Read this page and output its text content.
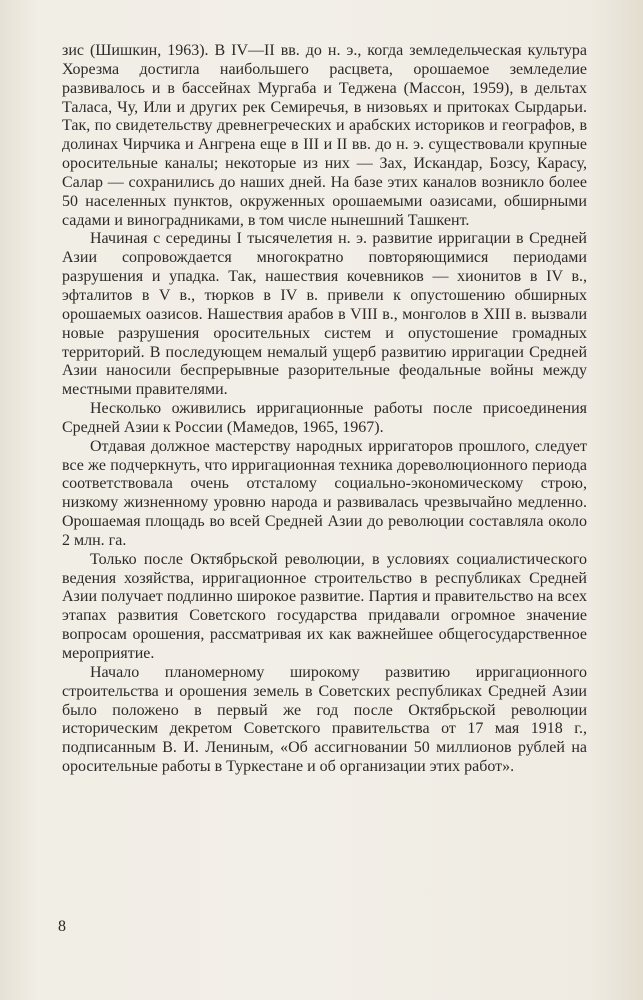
зис (Шишкин, 1963). В IV—II вв. до н. э., когда земледельческая культура Хорезма достигла наибольшего расцвета, орошаемое земледелие развивалось и в бассейнах Мургаба и Теджена (Массон, 1959), в дельтах Таласа, Чу, Или и других рек Семиречья, в низовьях и притоках Сырдарьи. Так, по свидетельству древнегреческих и арабских историков и географов, в долинах Чирчика и Ангрена еще в III и II вв. до н. э. существовали крупные оросительные каналы; некоторые из них — Зах, Искандар, Бозсу, Карасу, Салар — сохранились до наших дней. На базе этих каналов возникло более 50 населенных пунктов, окруженных орошаемыми оазисами, обширными садами и виноградниками, в том числе нынешний Ташкент.

Начиная с середины I тысячелетия н. э. развитие ирригации в Средней Азии сопровождается многократно повторяющимися периодами разрушения и упадка. Так, нашествия кочевников — хионитов в IV в., эфталитов в V в., тюрков в IV в. привели к опустошению обширных орошаемых оазисов. Нашествия арабов в VIII в., монголов в XIII в. вызвали новые разрушения оросительных систем и опустошение громадных территорий. В последующем немалый ущерб развитию ирригации Средней Азии наносили беспрерывные разорительные феодальные войны между местными правителями.

Несколько оживились ирригационные работы после присоединения Средней Азии к России (Мамедов, 1965, 1967).

Отдавая должное мастерству народных ирригаторов прошлого, следует все же подчеркнуть, что ирригационная техника дореволюционного периода соответствовала очень отсталому социально-экономическому строю, низкому жизненному уровню народа и развивалась чрезвычайно медленно. Орошаемая площадь во всей Средней Азии до революции составляла около 2 млн. га.

Только после Октябрьской революции, в условиях социалистического ведения хозяйства, ирригационное строительство в республиках Средней Азии получает подлинно широкое развитие. Партия и правительство на всех этапах развития Советского государства придавали огромное значение вопросам орошения, рассматривая их как важнейшее общегосударственное мероприятие.

Начало планомерному широкому развитию ирригационного строительства и орошения земель в Советских республиках Средней Азии было положено в первый же год после Октябрьской революции историческим декретом Советского правительства от 17 мая 1918 г., подписанным В. И. Лениным, «Об ассигновании 50 миллионов рублей на оросительные работы в Туркестане и об организации этих работ».

8
